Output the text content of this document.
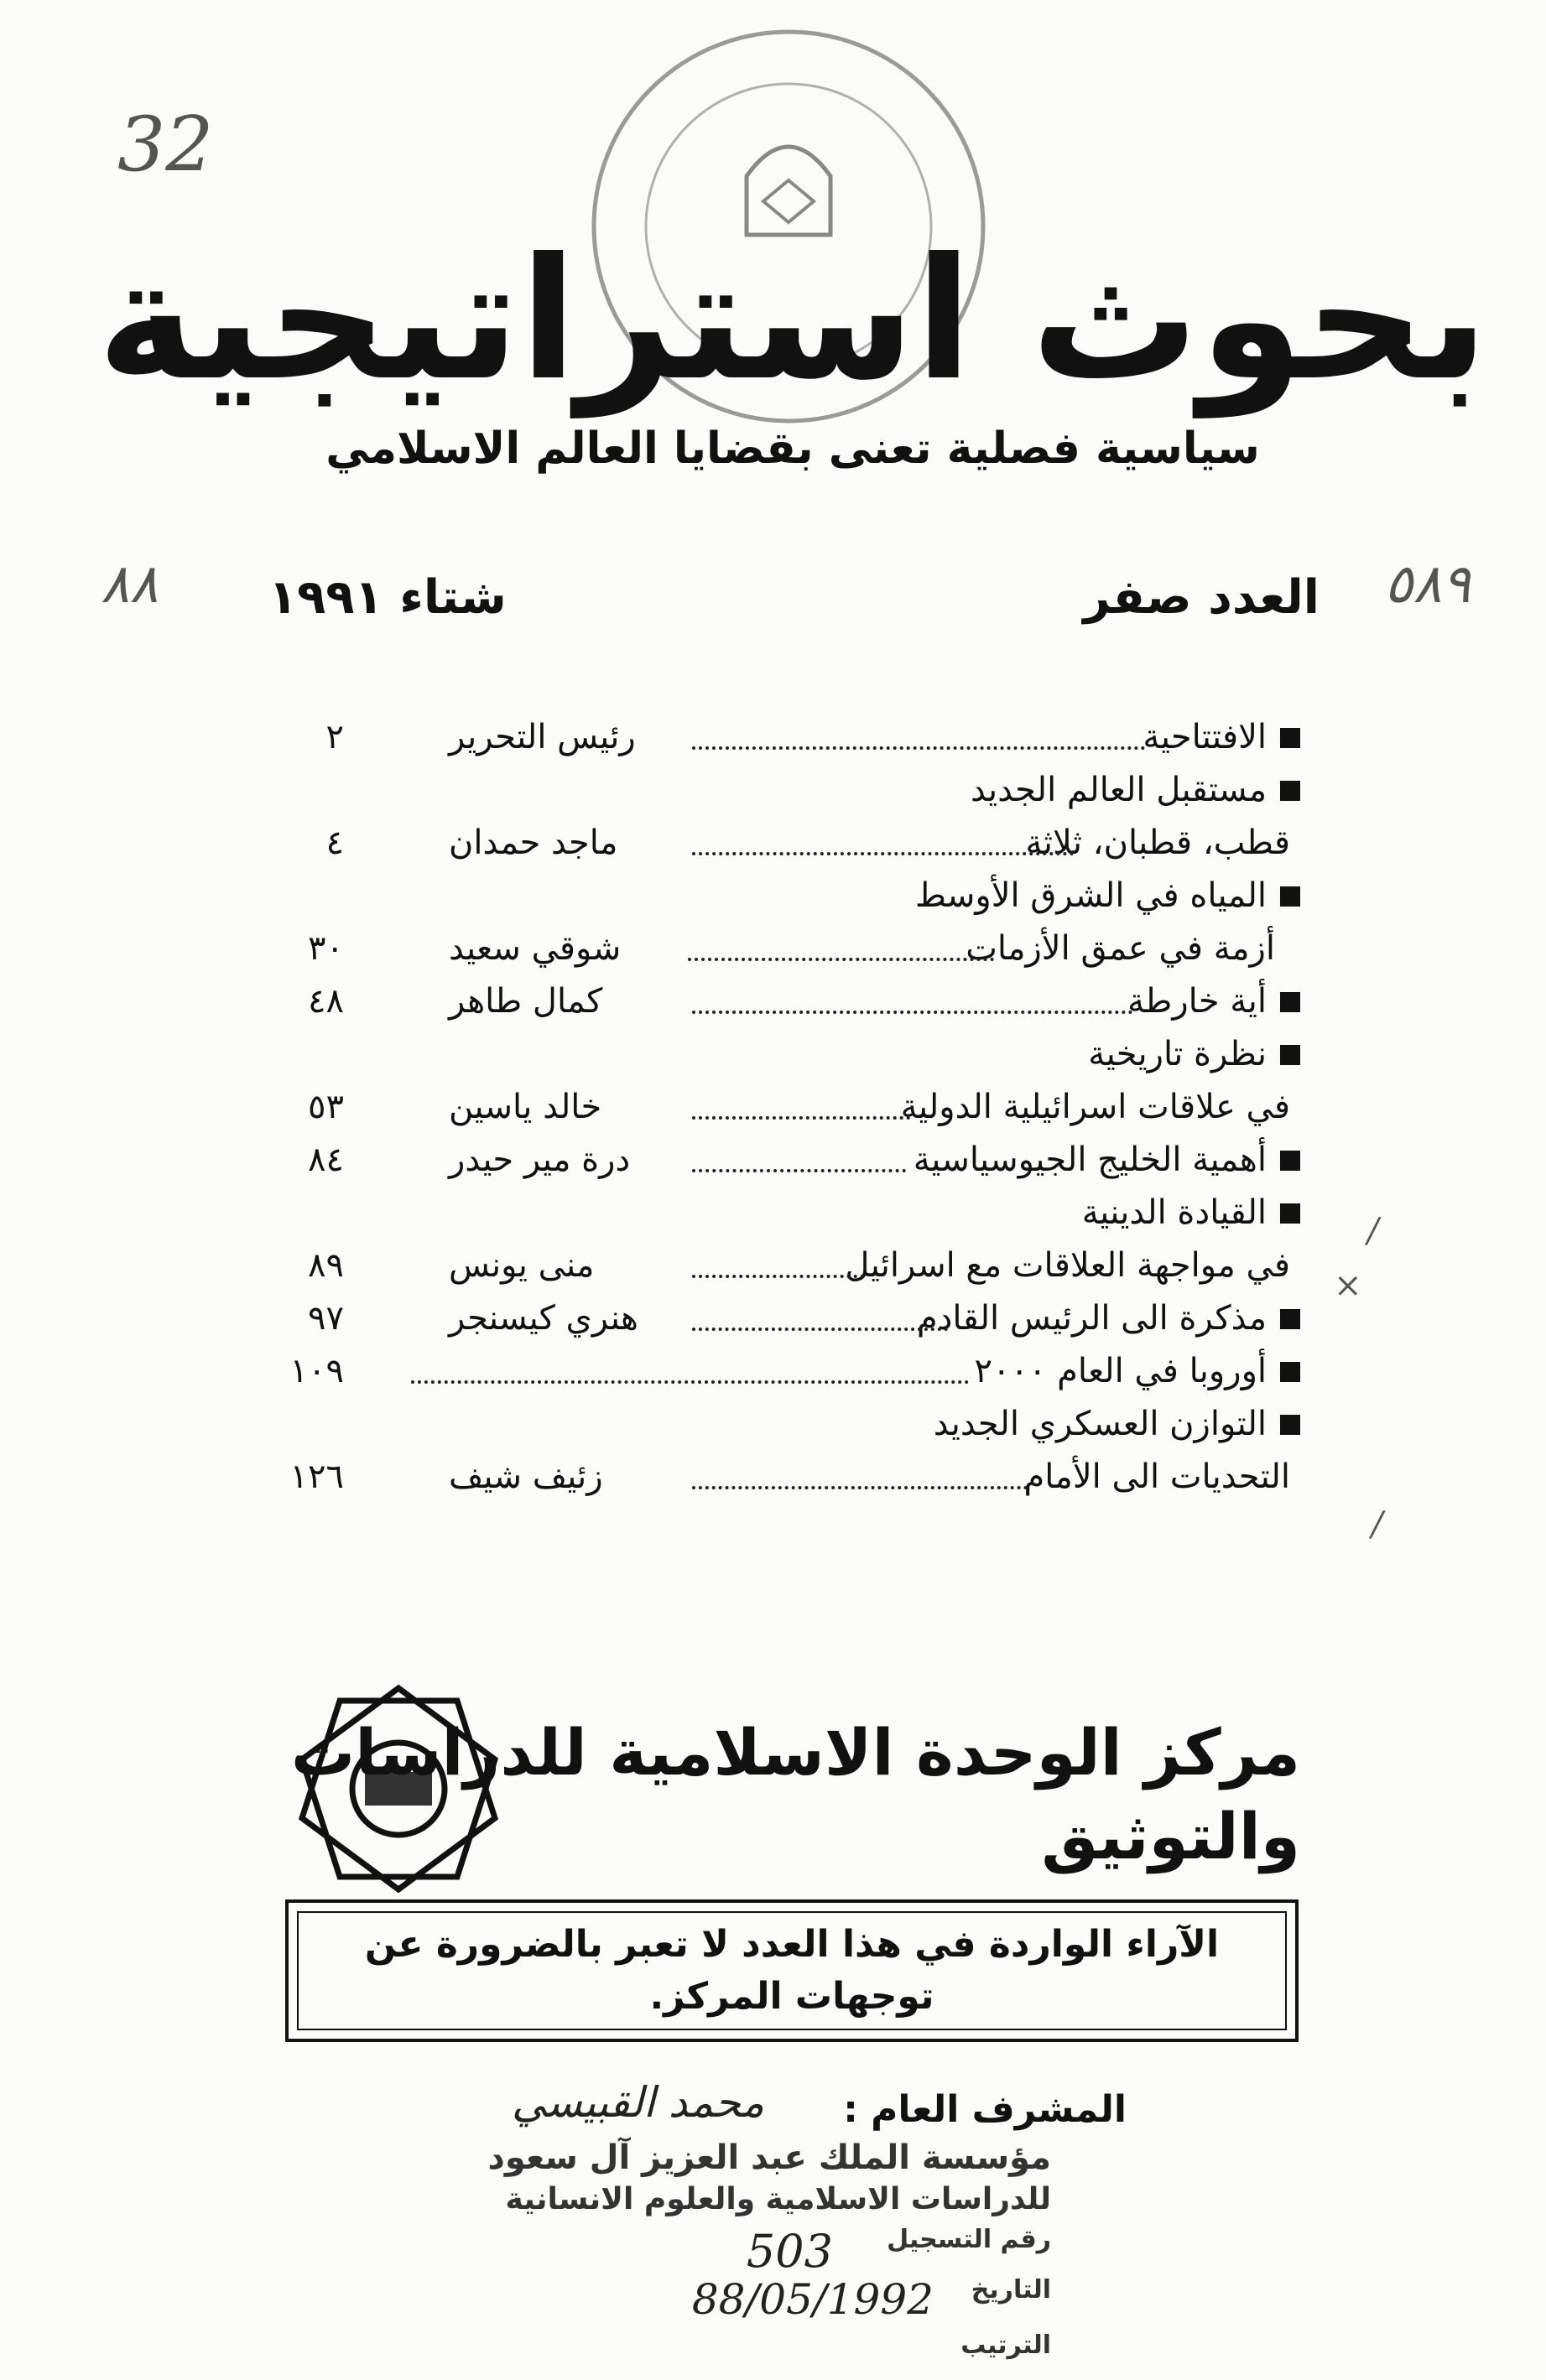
32
٥٨٩
٨٨
بحوث استراتيجية
سياسية فصلية تعنى بقضايا العالم الاسلامي
العدد صفر
شتاء ١٩٩١
الافتتاحية
رئيس التحرير
٢
مستقبل العالم الجديد
قطب، قطبان، ثلاثة
ماجد حمدان
٤
المياه في الشرق الأوسط
أزمة في عمق الأزمات
شوقي سعيد
٣٠
أية خارطة
كمال طاهر
٤٨
نظرة تاريخية
في علاقات اسرائيلية الدولية
خالد ياسين
٥٣
أهمية الخليج الجيوسياسية
درة مير حيدر
٨٤
القيادة الدينية
في مواجهة العلاقات مع اسرائيل
منى يونس
٨٩
مذكرة الى الرئيس القادم
هنري كيسنجر
٩٧
أوروبا في العام ٢٠٠٠
١٠٩
التوازن العسكري الجديد
التحديات الى الأمام
زئيف شيف
١٢٦
/
×
/
مركز الوحدة الاسلامية للدراسات
والتوثيق
الآراء الواردة في هذا العدد لا تعبر بالضرورة عن
توجهات المركز.
المشرف العام :
محمد القبيسي
مؤسسة الملك عبد العزيز آل سعود
للدراسات الاسلامية والعلوم الانسانية
رقم التسجيل
503
التاريخ
88/05/1992
الترتيب
